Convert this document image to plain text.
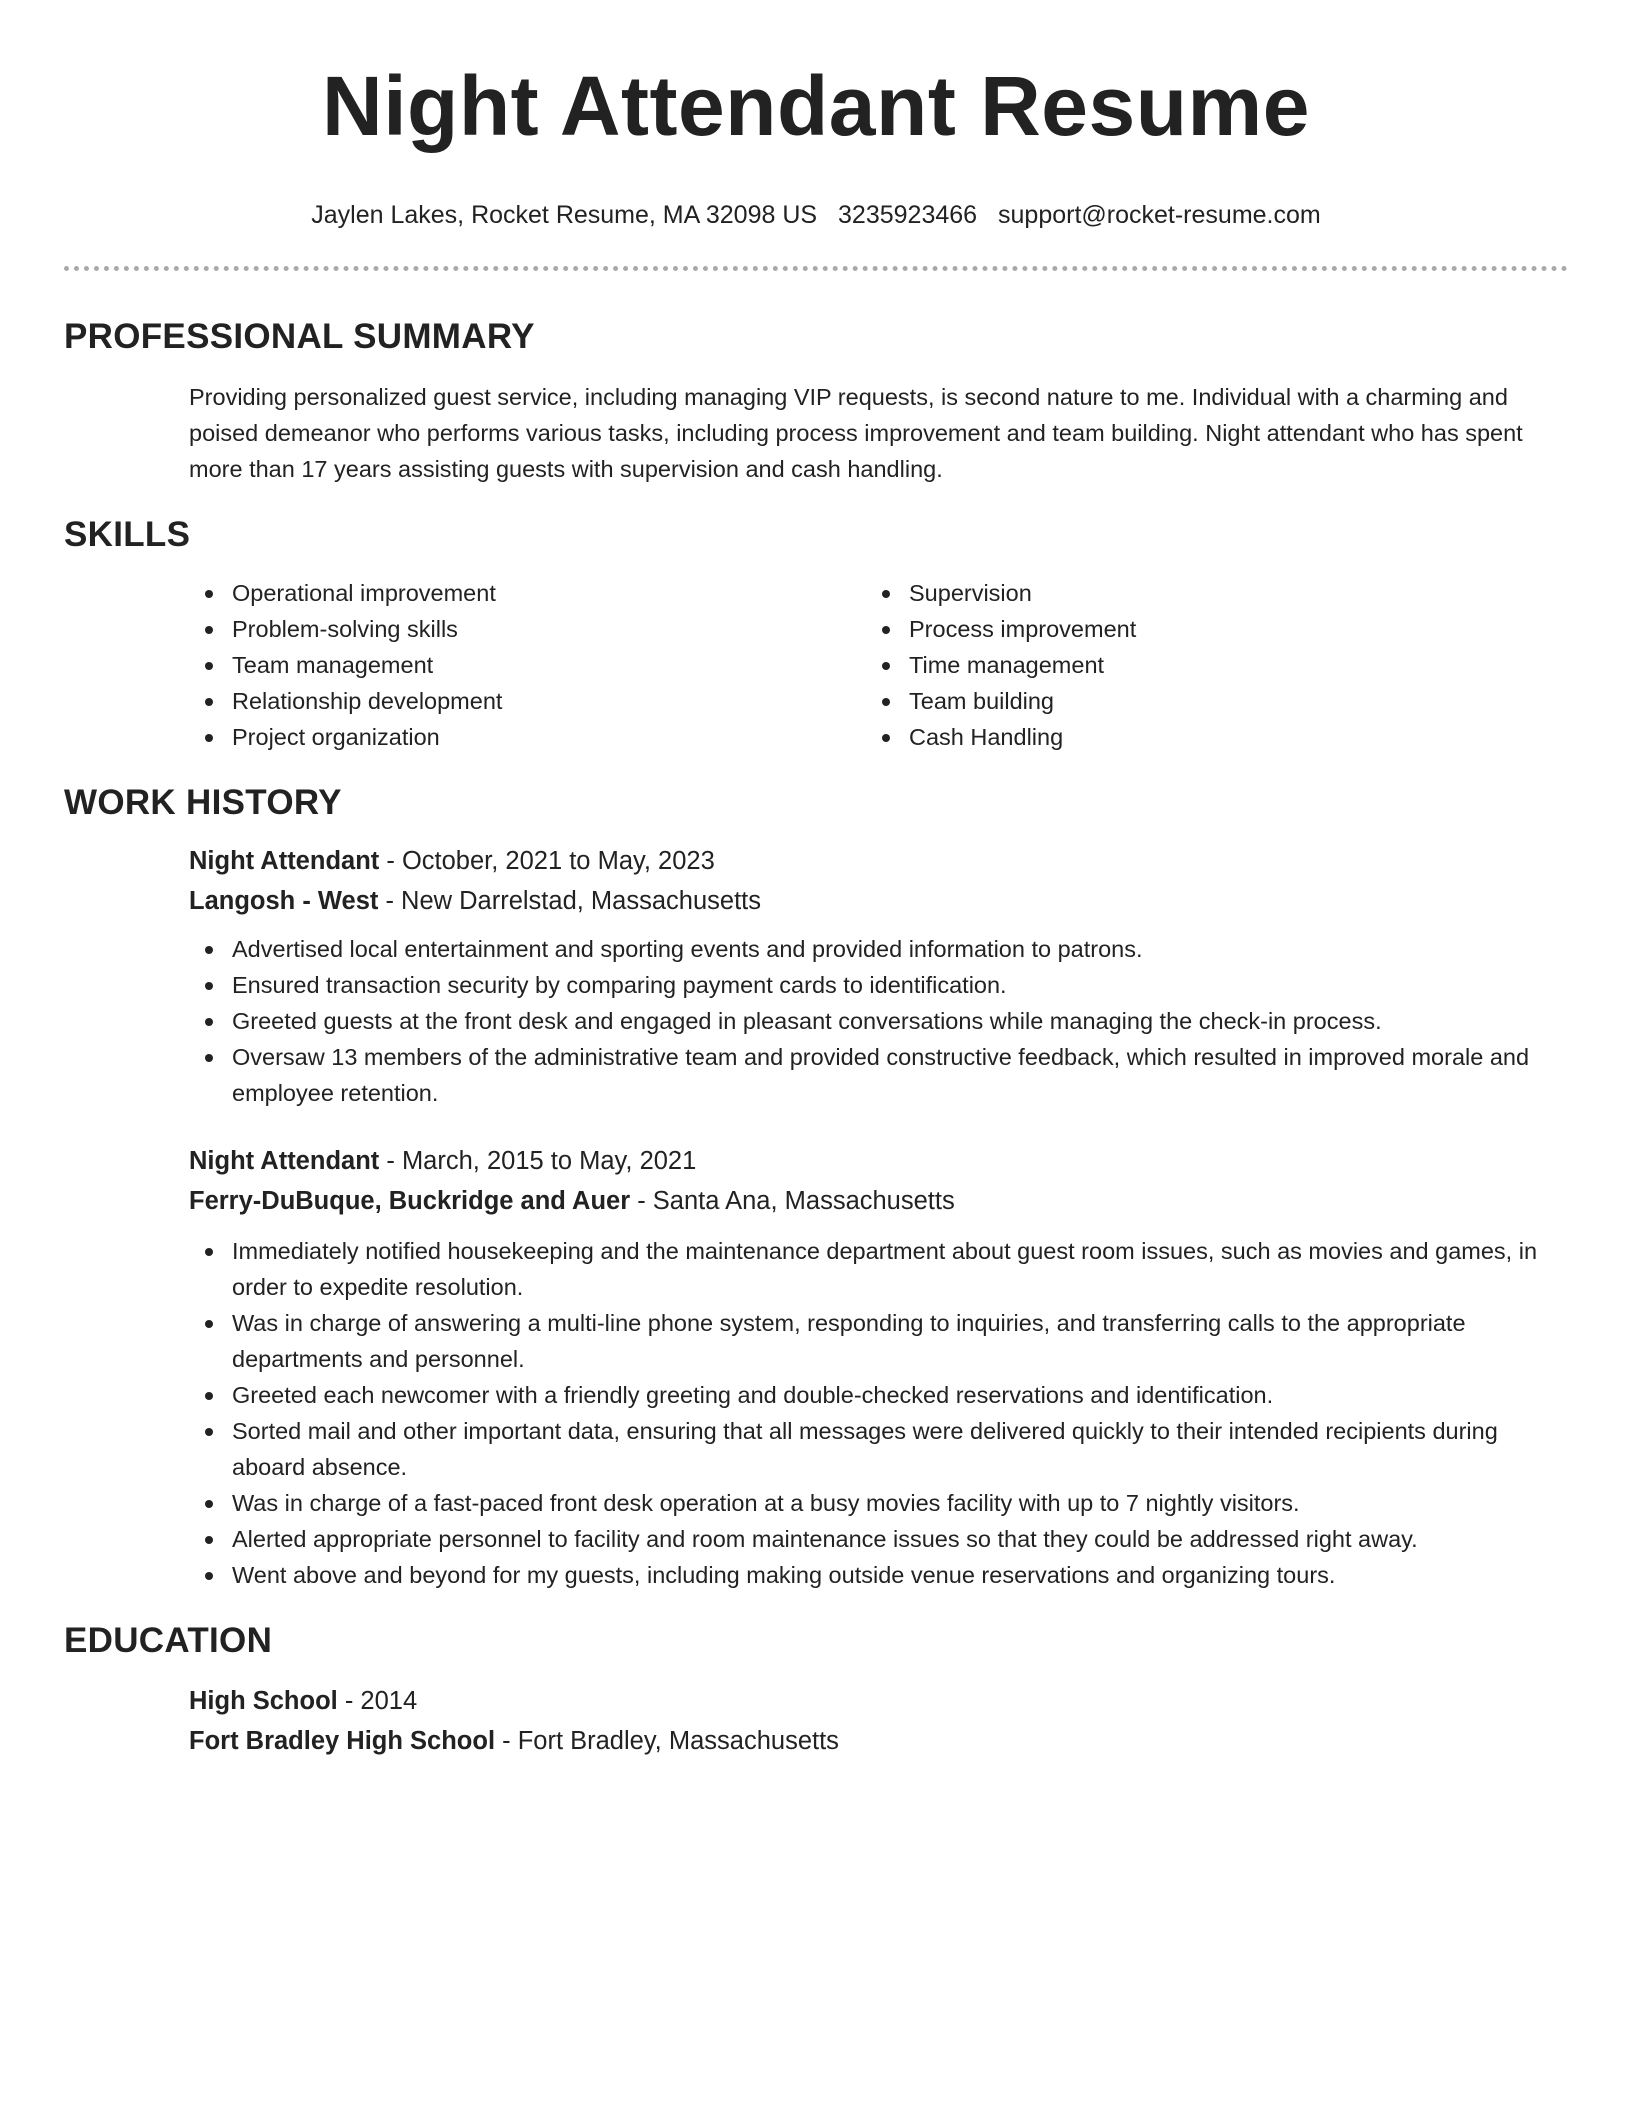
Night Attendant Resume
Jaylen Lakes, Rocket Resume, MA 32098 US 3235923466 support@rocket-resume.com
PROFESSIONAL SUMMARY

Providing personalized guest service, including managing VIP requests, is second nature to me. Individual with a charming and poised demeanor who performs various tasks, including process improvement and team building. Night attendant who has spent more than 17 years assisting guests with supervision and cash handling.

SKILLS
Operational improvement
Problem-solving skills
Team management
Relationship development
Project organization
Supervision
Process improvement
Time management
Team building
Cash Handling
WORK HISTORY
Night Attendant - October, 2021 to May, 2023
Langosh - West - New Darrelstad, Massachusetts
Advertised local entertainment and sporting events and provided information to patrons.
Ensured transaction security by comparing payment cards to identification.
Greeted guests at the front desk and engaged in pleasant conversations while managing the check-in process.
Oversaw 13 members of the administrative team and provided constructive feedback, which resulted in improved morale and employee retention.
Night Attendant - March, 2015 to May, 2021
Ferry-DuBuque, Buckridge and Auer - Santa Ana, Massachusetts
Immediately notified housekeeping and the maintenance department about guest room issues, such as movies and games, in order to expedite resolution.
Was in charge of answering a multi-line phone system, responding to inquiries, and transferring calls to the appropriate departments and personnel.
Greeted each newcomer with a friendly greeting and double-checked reservations and identification.
Sorted mail and other important data, ensuring that all messages were delivered quickly to their intended recipients during aboard absence.
Was in charge of a fast-paced front desk operation at a busy movies facility with up to 7 nightly visitors.
Alerted appropriate personnel to facility and room maintenance issues so that they could be addressed right away.
Went above and beyond for my guests, including making outside venue reservations and organizing tours.
EDUCATION
High School - 2014
Fort Bradley High School - Fort Bradley, Massachusetts
